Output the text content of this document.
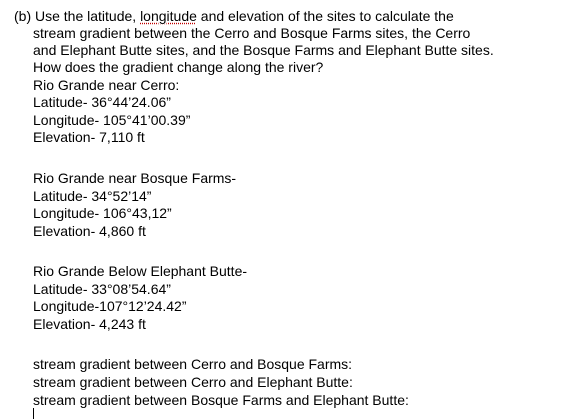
(b) Use the latitude, longitude and elevation of the sites to calculate the
stream gradient between the Cerro and Bosque Farms sites, the Cerro
and Elephant Butte sites, and the Bosque Farms and Elephant Butte sites.
How does the gradient change along the river?
Rio Grande near Cerro:
Latitude- 36°44’24.06”
Longitude- 105°41’00.39”
Elevation- 7,110 ft
Rio Grande near Bosque Farms-
Latitude- 34°52’14”
Longitude- 106°43,12”
Elevation- 4,860 ft
Rio Grande Below Elephant Butte-
Latitude- 33°08’54.64”
Longitude-107°12’24.42”
Elevation- 4,243 ft
stream gradient between Cerro and Bosque Farms:
stream gradient between Cerro and Elephant Butte:
stream gradient between Bosque Farms and Elephant Butte:
